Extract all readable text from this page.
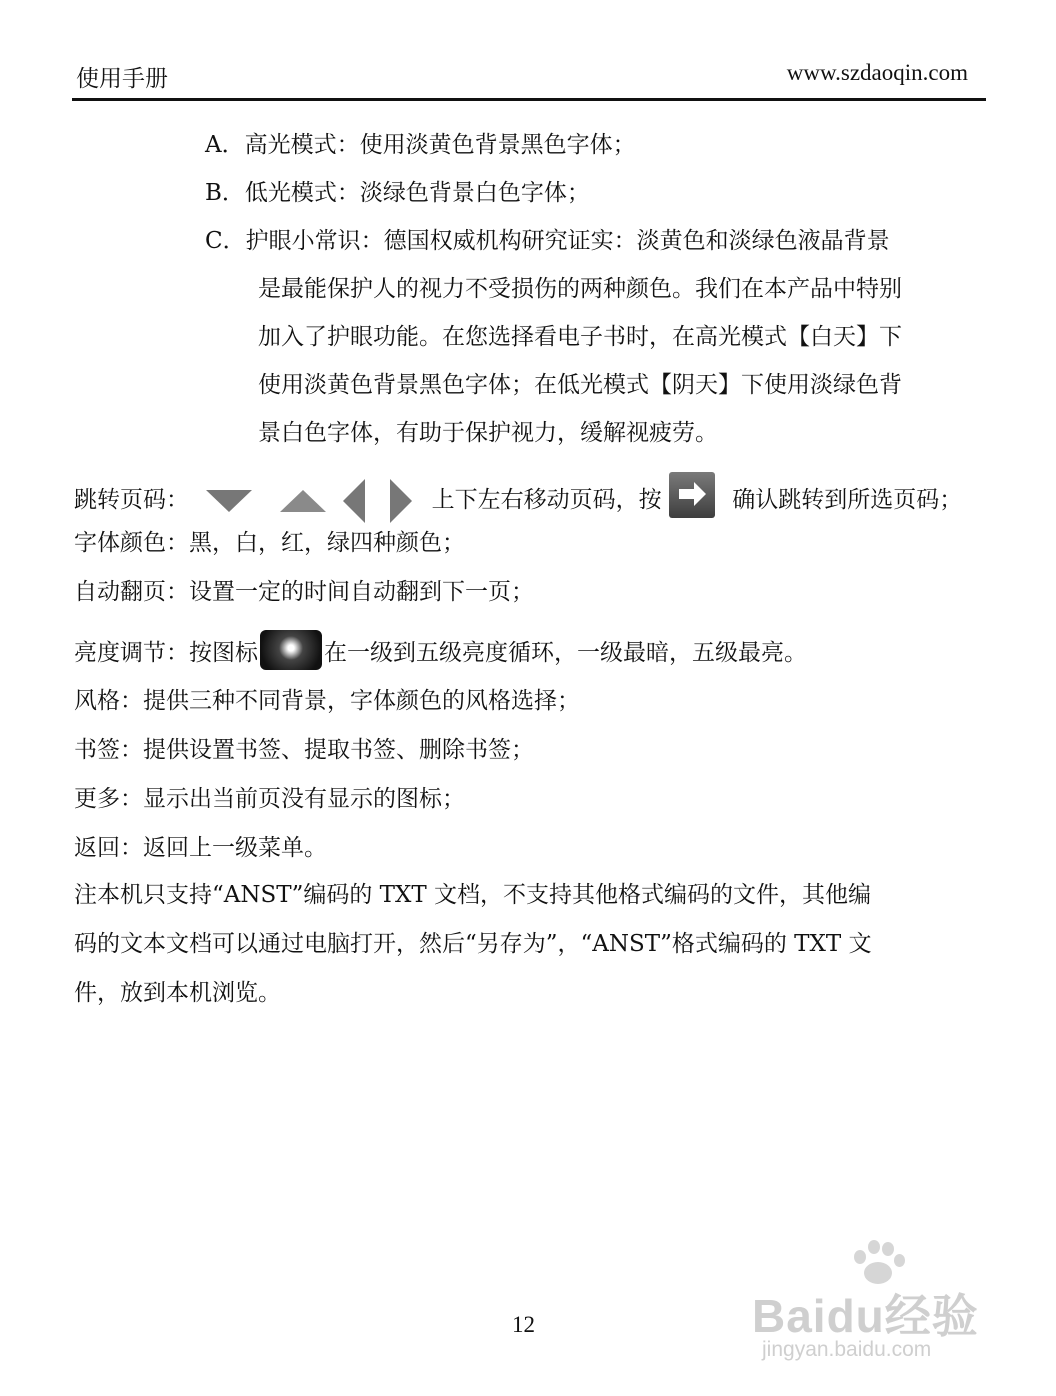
使用手册	www.szdaoqin.com
A．高光模式：使用淡黄色背景黑色字体；
B．低光模式：淡绿色背景白色字体；
C．护眼小常识：德国权威机构研究证实：淡黄色和淡绿色液晶背景
是最能保护人的视力不受损伤的两种颜色。我们在本产品中特别
加入了护眼功能。在您选择看电子书时，在高光模式【白天】下
使用淡黄色背景黑色字体；在低光模式【阴天】下使用淡绿色背
景白色字体，有助于保护视力，缓解视疲劳。
跳转页码：	上下左右移动页码，按	确认跳转到所选页码；
字体颜色：黑，白，红，绿四种颜色；
自动翻页：设置一定的时间自动翻到下一页；
亮度调节：按图标	在一级到五级亮度循环，一级最暗，五级最亮。
风格：提供三种不同背景，字体颜色的风格选择；
书签：提供设置书签、提取书签、删除书签；
更多：显示出当前页没有显示的图标；
返回：返回上一级菜单。
注本机只支持“ANST”编码的 TXT 文档，不支持其他格式编码的文件，其他编
码的文本文档可以通过电脑打开，然后“另存为”，“ANST”格式编码的 TXT 文
件，放到本机浏览。
12	Baidu经验
jingyan.baidu.com
